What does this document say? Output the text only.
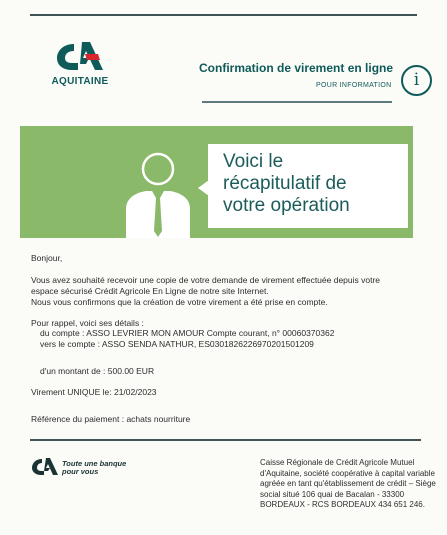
AQUITAINE
Confirmation de virement en ligne
POUR INFORMATION	i
Voici le
récapitulatif de
votre opération
Bonjour,
Vous avez souhaité recevoir une copie de votre demande de virement effectuée depuis votre
espace sécurisé Crédit Agricole En Ligne de notre site Internet.
Nous vous confirmons que la création de votre virement a été prise en compte.
Pour rappel, voici ses détails :
du compte : ASSO LEVRIER MON AMOUR Compte courant, n° 00060370362
vers le compte : ASSO SENDA NATHUR, ES0301826226970201501209
d'un montant de : 500.00 EUR
Virement UNIQUE le: 21/02/2023
Référence du paiement : achats nourriture
Toute une banque
pour vous
Caisse Régionale de Crédit Agricole Mutuel d'Aquitaine, société coopérative à capital variable agréée en tant qu'établissement de crédit – Siège social situé 106 quai de Bacalan - 33300 BORDEAUX - RCS BORDEAUX 434 651 246.
